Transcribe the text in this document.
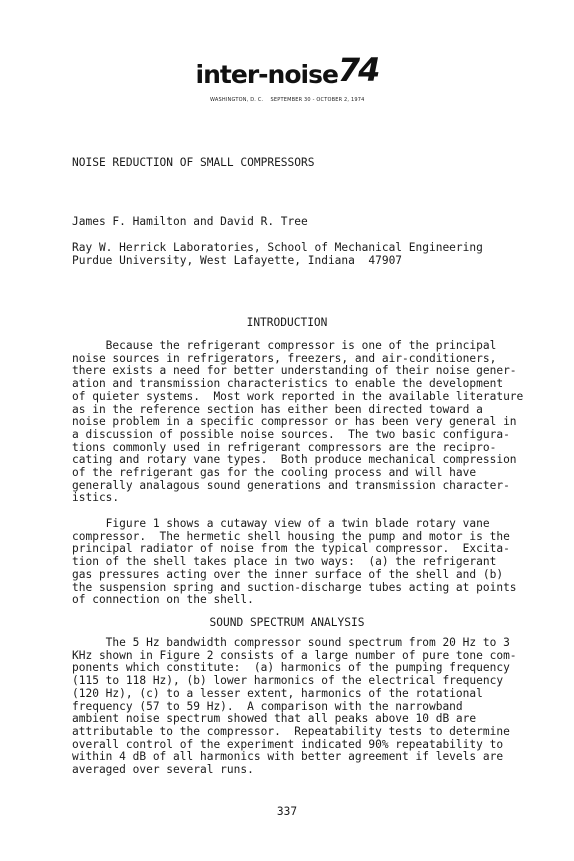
inter-noise74
WASHINGTON, D. C.    SEPTEMBER 30 - OCTOBER 2, 1974

NOISE REDUCTION OF SMALL COMPRESSORS

James F. Hamilton and David R. Tree

Ray W. Herrick Laboratories, School of Mechanical Engineering
Purdue University, West Lafayette, Indiana  47907

INTRODUCTION

Because the refrigerant compressor is one of the principal
noise sources in refrigerators, freezers, and air-conditioners,
there exists a need for better understanding of their noise gener-
ation and transmission characteristics to enable the development
of quieter systems.  Most work reported in the available literature
as in the reference section has either been directed toward a
noise problem in a specific compressor or has been very general in
a discussion of possible noise sources.  The two basic configura-
tions commonly used in refrigerant compressors are the recipro-
cating and rotary vane types.  Both produce mechanical compression
of the refrigerant gas for the cooling process and will have
generally analagous sound generations and transmission character-
istics.

Figure 1 shows a cutaway view of a twin blade rotary vane
compressor.  The hermetic shell housing the pump and motor is the
principal radiator of noise from the typical compressor.  Excita-
tion of the shell takes place in two ways:  (a) the refrigerant
gas pressures acting over the inner surface of the shell and (b)
the suspension spring and suction-discharge tubes acting at points
of connection on the shell.

SOUND SPECTRUM ANALYSIS

The 5 Hz bandwidth compressor sound spectrum from 20 Hz to 3
KHz shown in Figure 2 consists of a large number of pure tone com-
ponents which constitute:  (a) harmonics of the pumping frequency
(115 to 118 Hz), (b) lower harmonics of the electrical frequency
(120 Hz), (c) to a lesser extent, harmonics of the rotational
frequency (57 to 59 Hz).  A comparison with the narrowband
ambient noise spectrum showed that all peaks above 10 dB are
attributable to the compressor.  Repeatability tests to determine
overall control of the experiment indicated 90% repeatability to
within 4 dB of all harmonics with better agreement if levels are
averaged over several runs.

337
